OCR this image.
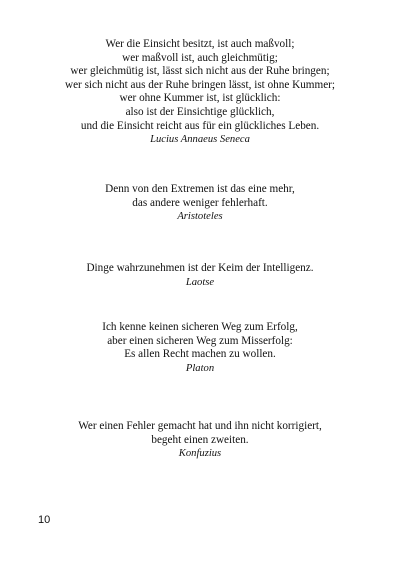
Wer die Einsicht besitzt, ist auch maßvoll;
wer maßvoll ist, auch gleichmütig;
wer gleichmütig ist, lässt sich nicht aus der Ruhe bringen;
wer sich nicht aus der Ruhe bringen lässt, ist ohne Kummer;
wer ohne Kummer ist, ist glücklich:
also ist der Einsichtige glücklich,
und die Einsicht reicht aus für ein glückliches Leben.
Lucius Annaeus Seneca
Denn von den Extremen ist das eine mehr,
das andere weniger fehlerhaft.
Aristoteles
Dinge wahrzunehmen ist der Keim der Intelligenz.
Laotse
Ich kenne keinen sicheren Weg zum Erfolg,
aber einen sicheren Weg zum Misserfolg:
Es allen Recht machen zu wollen.
Platon
Wer einen Fehler gemacht hat und ihn nicht korrigiert,
begeht einen zweiten.
Konfuzius
10
